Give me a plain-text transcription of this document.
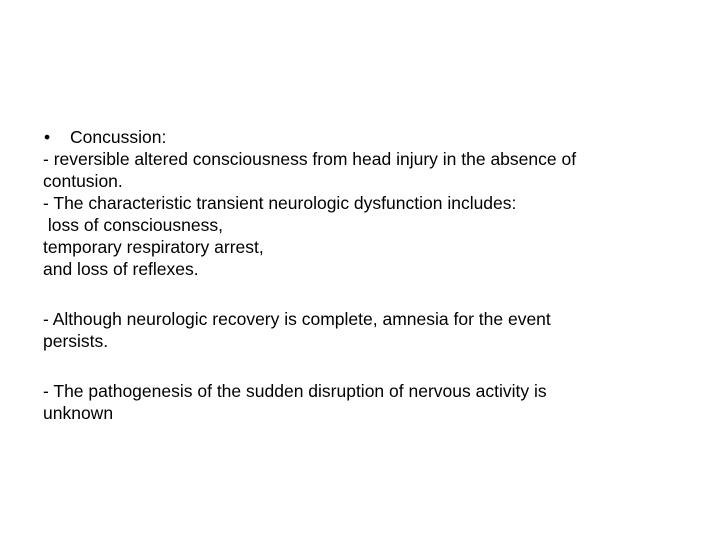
•	Concussion :
- reversible altered consciousness from head injury in the absence of
contusion.
- The characteristic transient neurologic dysfunction includes:
loss of consciousness,
temporary respiratory arrest,
and loss of reflexes.
- Although neurologic recovery is complete, amnesia for the event
persists.
- The pathogenesis of the sudden disruption of nervous activity is
unknown
